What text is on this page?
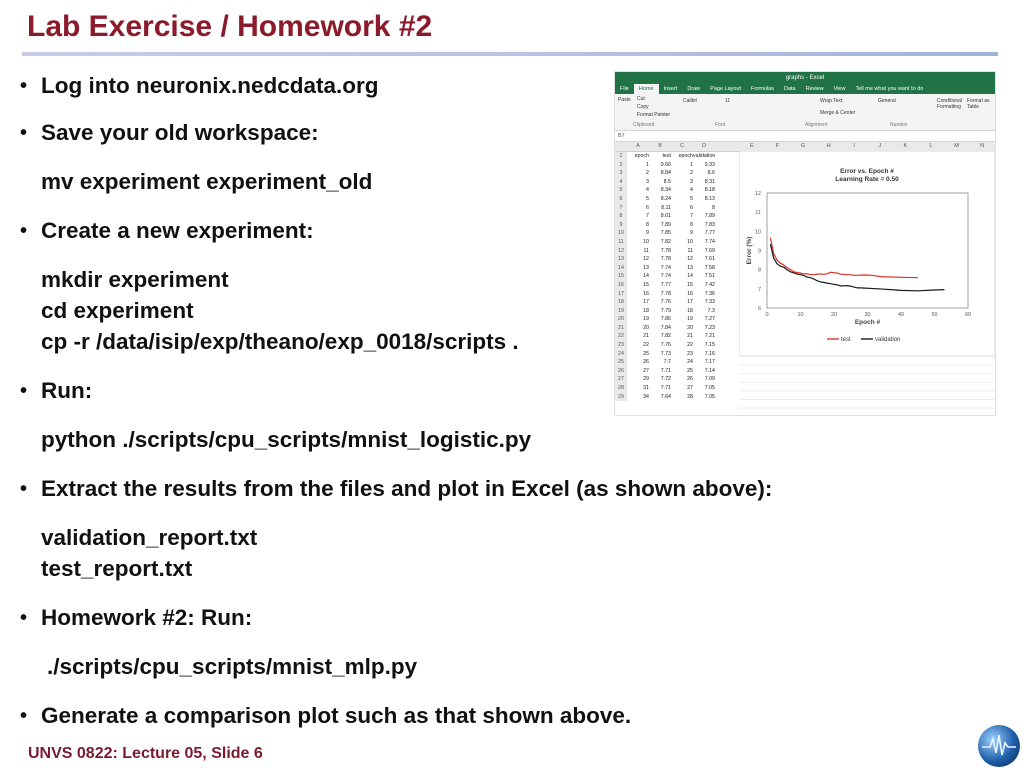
Lab Exercise / Homework #2
• Log into neuronix.nedcdata.org
• Save your old workspace:
mv experiment experiment_old
• Create a new experiment:
mkdir experiment
cd experiment
cp -r /data/isip/exp/theano/exp_0018/scripts .
• Run:
python ./scripts/cpu_scripts/mnist_logistic.py
• Extract the results from the files and plot in Excel (as shown above):
validation_report.txt
test_report.txt
• Homework #2: Run:
./scripts/cpu_scripts/mnist_mlp.py
• Generate a comparison plot such as that shown above.
graphs - Excel
File	Home	Insert	Draw	Page Layout	Formulas	Data	Review	View	Tell me what you want to do
Paste Cut
Copy
Format Painter
Calibri	11	Wrap Text
Merge & Center
General	Conditional Formatting
Format as Table
Clipboard	Font	Alignment	Number
B7
A	B	C	D
1	epoch	test	epoch validation
2	1	9.66	1	9.33
3	2	8.84	2	8.6
4	3	8.5	3	8.31
5	4	8.34	4	8.18
6	5	8.24	5	8.13
7	6	8.11	6	8
8	7	8.01	7	7.89
9	8	7.89	8	7.83
10	9	7.85	9	7.77
11	10	7.82	10	7.74
12	11	7.78	11	7.69
13	12	7.78	12	7.61
14	13	7.74	13	7.58
15	14	7.74	14	7.51
16	15	7.77	15	7.42
17	16	7.78	16	7.36
18	17	7.76	17	7.33
19	18	7.79	18	7.3
20	19	7.86	19	7.27
21	20	7.84	20	7.23
22	21	7.82	21	7.21
23	22	7.76	22	7.15
24	25	7.73	23	7.16
25	26	7.7	24	7.17
26	27	7.71	25	7.14
27	29	7.72	26	7.09
28	31	7.71	27	7.05
29	34	7.64	28	7.05
E	F	G	H	I	J	K	L	M	N
Error vs. Epoch #
Learning Rate = 0.50
6
7
8
9
10
11
12
0	10	20	30	40	50	60
Epoch #
Error (%)
test	validation
UNVS 0822: Lecture 05, Slide 6
